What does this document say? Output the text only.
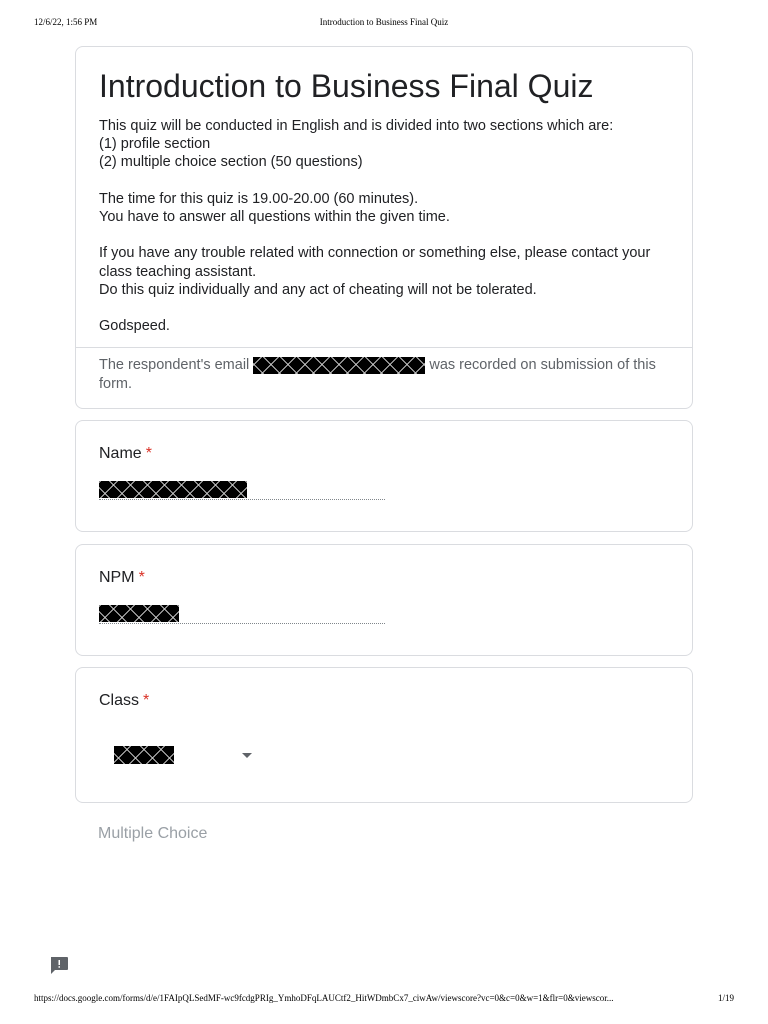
12/6/22, 1:56 PM	Introduction to Business Final Quiz
Introduction to Business Final Quiz
This quiz will be conducted in English and is divided into two sections which are:
(1) profile section
(2) multiple choice section (50 questions)
The time for this quiz is 19.00-20.00 (60 minutes).
You have to answer all questions within the given time.
If you have any trouble related with connection or something else, please contact your class teaching assistant.
Do this quiz individually and any act of cheating will not be tolerated.
Godspeed.
The respondent's email	was recorded on submission of this form.
Name *
NPM *
Class *
Multiple Choice
https://docs.google.com/forms/d/e/1FAIpQLSedMF-wc9fcdgPRIg_YmhoDFqLAUCtf2_HitWDmbCx7_ciwAw/viewscore?vc=0&c=0&w=1&flr=0&viewscor...	1/19
